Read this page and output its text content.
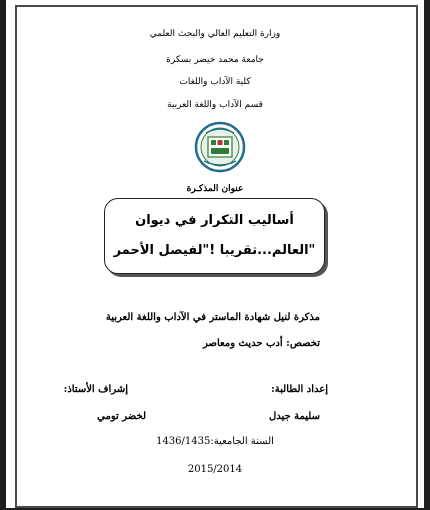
وزارة التعليم العالي والبحث العلمي
جامعة محمد خيضر بسكرة
كلية الآداب واللغات
قسم الآداب واللغة العربية
عنوان المذكـرة
أساليب التكرار في ديوان
"العالم...تقريبا !"لفيصل الأحمر
مذكرة لنيل شهادة الماستر في الآداب واللغة العربية
تخصص: أدب حديث ومعاصر
إعداد الطالبة:
إشراف الأستاذ:
سليمة جيدل
لخضر تومي
السنة الجامعية:1436/1435
2015/2014
